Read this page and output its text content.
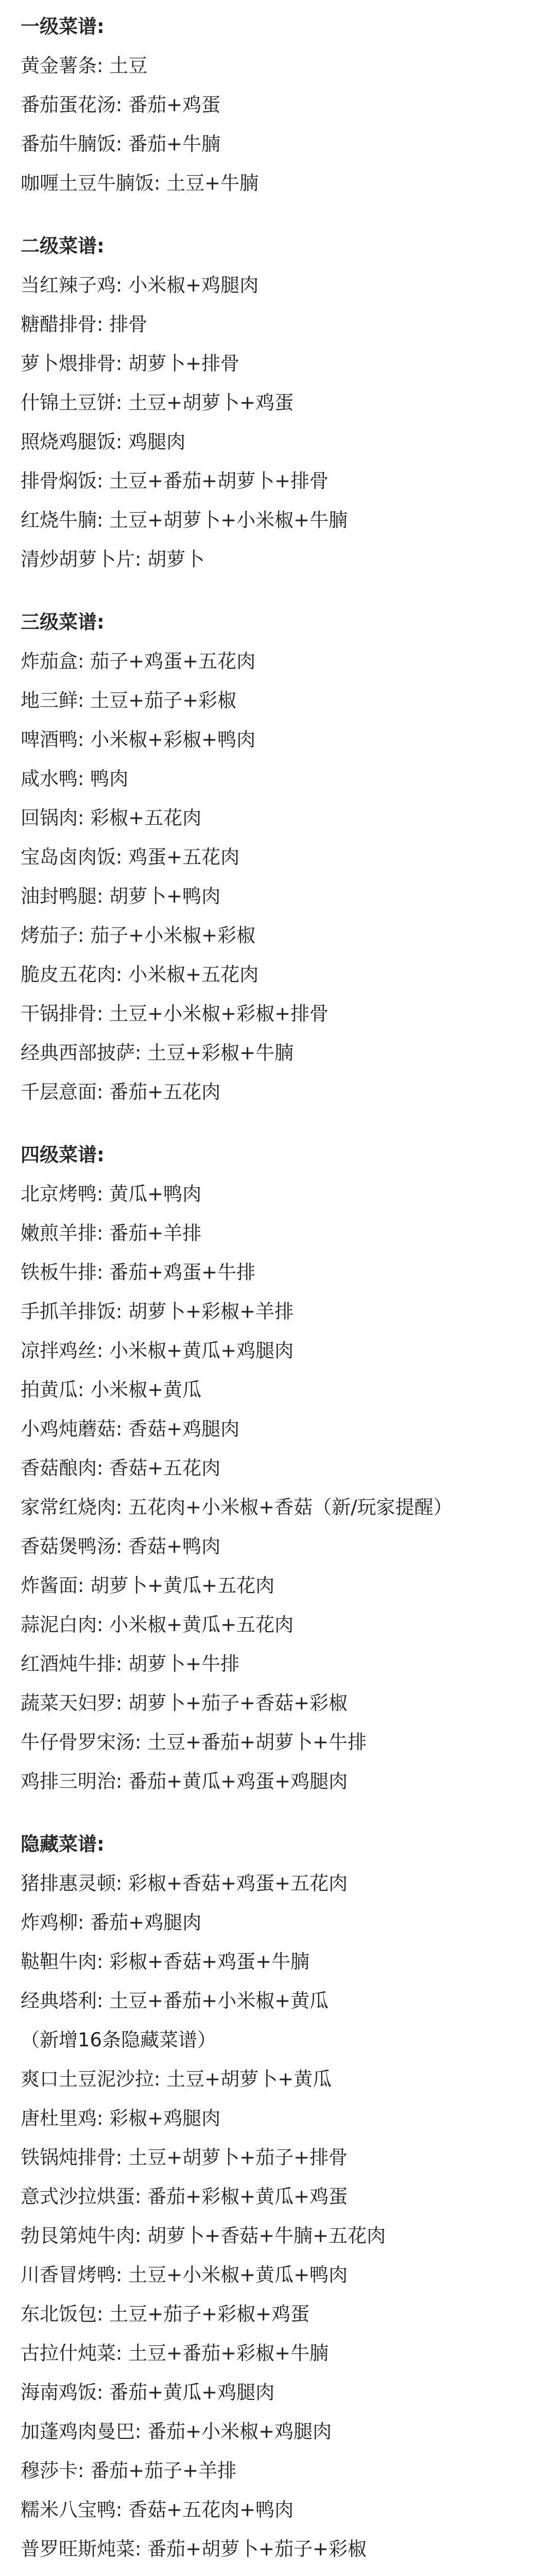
一级菜谱:
黄金薯条: 土豆
番茄蛋花汤: 番茄+鸡蛋
番茄牛腩饭: 番茄+牛腩
咖喱土豆牛腩饭: 土豆+牛腩
二级菜谱:
当红辣子鸡: 小米椒+鸡腿肉
糖醋排骨: 排骨
萝卜煨排骨: 胡萝卜+排骨
什锦土豆饼: 土豆+胡萝卜+鸡蛋
照烧鸡腿饭: 鸡腿肉
排骨焖饭: 土豆+番茄+胡萝卜+排骨
红烧牛腩: 土豆+胡萝卜+小米椒+牛腩
清炒胡萝卜片: 胡萝卜
三级菜谱:
炸茄盒: 茄子+鸡蛋+五花肉
地三鲜: 土豆+茄子+彩椒
啤酒鸭: 小米椒+彩椒+鸭肉
咸水鸭: 鸭肉
回锅肉: 彩椒+五花肉
宝岛卤肉饭: 鸡蛋+五花肉
油封鸭腿: 胡萝卜+鸭肉
烤茄子: 茄子+小米椒+彩椒
脆皮五花肉: 小米椒+五花肉
干锅排骨: 土豆+小米椒+彩椒+排骨
经典西部披萨: 土豆+彩椒+牛腩
千层意面: 番茄+五花肉
四级菜谱:
北京烤鸭: 黄瓜+鸭肉
嫩煎羊排: 番茄+羊排
铁板牛排: 番茄+鸡蛋+牛排
手抓羊排饭: 胡萝卜+彩椒+羊排
凉拌鸡丝: 小米椒+黄瓜+鸡腿肉
拍黄瓜: 小米椒+黄瓜
小鸡炖蘑菇: 香菇+鸡腿肉
香菇酿肉: 香菇+五花肉
家常红烧肉: 五花肉+小米椒+香菇（新/玩家提醒）
香菇煲鸭汤: 香菇+鸭肉
炸酱面: 胡萝卜+黄瓜+五花肉
蒜泥白肉: 小米椒+黄瓜+五花肉
红酒炖牛排: 胡萝卜+牛排
蔬菜天妇罗: 胡萝卜+茄子+香菇+彩椒
牛仔骨罗宋汤: 土豆+番茄+胡萝卜+牛排
鸡排三明治: 番茄+黄瓜+鸡蛋+鸡腿肉
隐藏菜谱:
猪排惠灵顿: 彩椒+香菇+鸡蛋+五花肉
炸鸡柳: 番茄+鸡腿肉
鞑靼牛肉: 彩椒+香菇+鸡蛋+牛腩
经典塔利: 土豆+番茄+小米椒+黄瓜
（新增16条隐藏菜谱）
爽口土豆泥沙拉: 土豆+胡萝卜+黄瓜
唐杜里鸡: 彩椒+鸡腿肉
铁锅炖排骨: 土豆+胡萝卜+茄子+排骨
意式沙拉烘蛋: 番茄+彩椒+黄瓜+鸡蛋
勃艮第炖牛肉: 胡萝卜+香菇+牛腩+五花肉
川香冒烤鸭: 土豆+小米椒+黄瓜+鸭肉
东北饭包: 土豆+茄子+彩椒+鸡蛋
古拉什炖菜: 土豆+番茄+彩椒+牛腩
海南鸡饭: 番茄+黄瓜+鸡腿肉
加蓬鸡肉曼巴: 番茄+小米椒+鸡腿肉
穆莎卡: 番茄+茄子+羊排
糯米八宝鸭: 香菇+五花肉+鸭肉
普罗旺斯炖菜: 番茄+胡萝卜+茄子+彩椒
